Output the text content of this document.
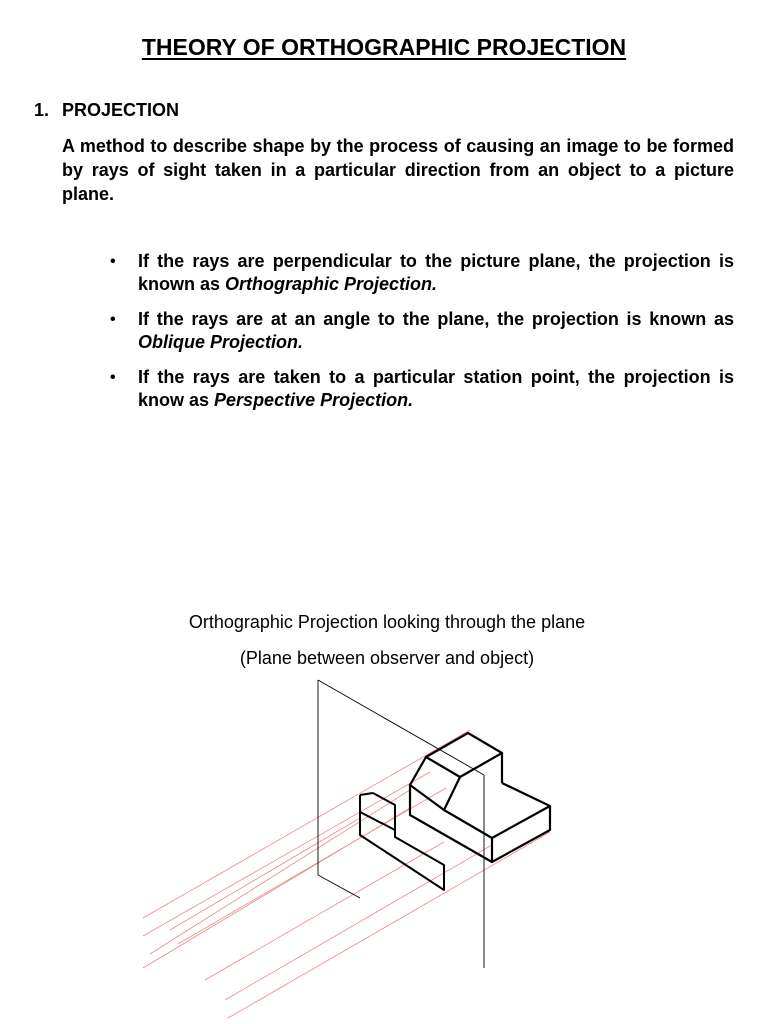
THEORY OF ORTHOGRAPHIC PROJECTION
1. PROJECTION

A method to describe shape by the process of causing an image to be formed by rays of sight taken in a particular direction from an object to a picture plane.

• If the rays are perpendicular to the picture plane, the projection is known as Orthographic Projection.
• If the rays are at an angle to the plane, the projection is known as Oblique Projection.
• If the rays are taken to a particular station point, the projection is know as Perspective Projection.
Orthographic Projection looking through the plane
(Plane between observer and object)
